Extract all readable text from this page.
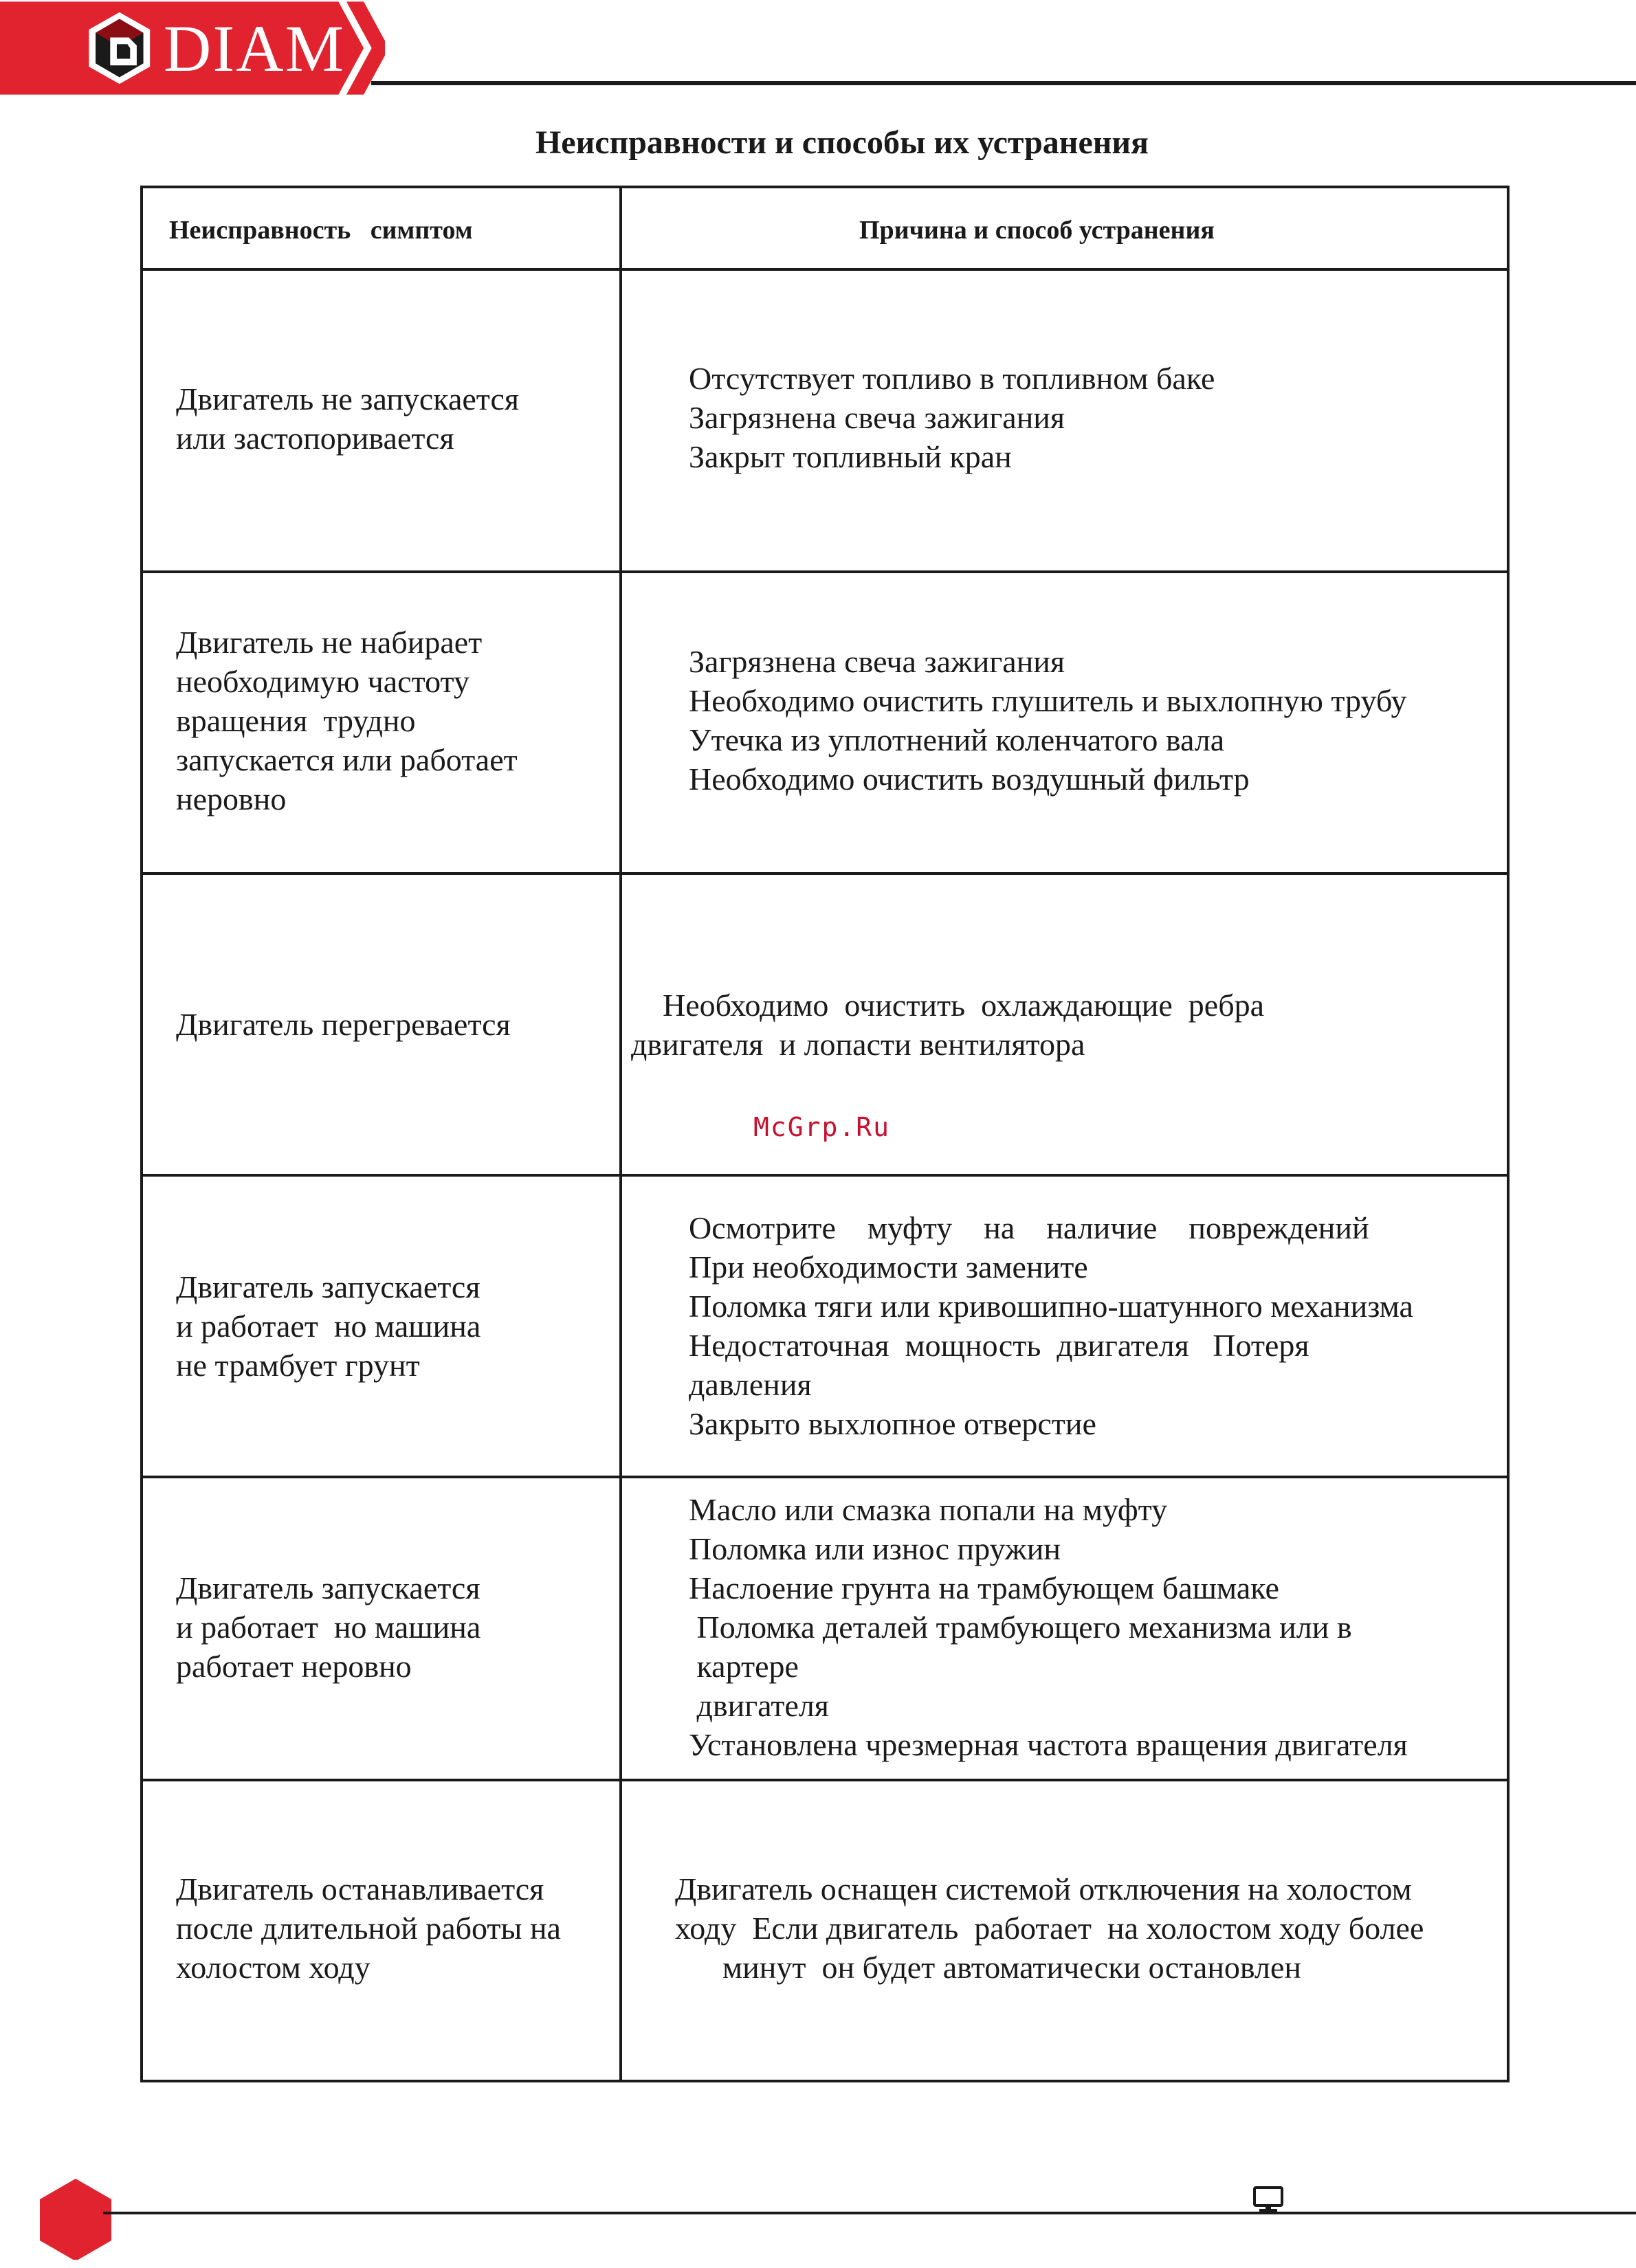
DIAM
Неисправности и способы их устранения
Неисправность   симптом	Причина и способ устранения
Двигатель не запускается
или застопоривается
Отсутствует топливо в топливном баке
Загрязнена свеча зажигания
Закрыт топливный кран
Двигатель не набирает
необходимую частоту
вращения  трудно
запускается или работает
неровно
Загрязнена свеча зажигания
Необходимо очистить глушитель и выхлопную трубу
Утечка из уплотнений коленчатого вала
Необходимо очистить воздушный фильтр
Двигатель перегревается
Необходимо  очистить  охлаждающие  ребра
двигателя  и лопасти вентилятора
Двигатель запускается
и работает  но машина
не трамбует грунт
Осмотрите    муфту    на    наличие    повреждений
При необходимости замените
Поломка тяги или кривошипно-шатунного механизма
Недостаточная  мощность  двигателя   Потеря
давления
Закрыто выхлопное отверстие
Двигатель запускается
и работает  но машина
работает неровно
Масло или смазка попали на муфту
Поломка или износ пружин
Наслоение грунта на трамбующем башмаке
Поломка деталей трамбующего механизма или в
картере
двигателя
Установлена чрезмерная частота вращения двигателя
Двигатель останавливается
после длительной работы на
холостом ходу
Двигатель оснащен системой отключения на холостом
ходу  Если двигатель  работает  на холостом ходу более
минут  он будет автоматически остановлен
McGrp.Ru
